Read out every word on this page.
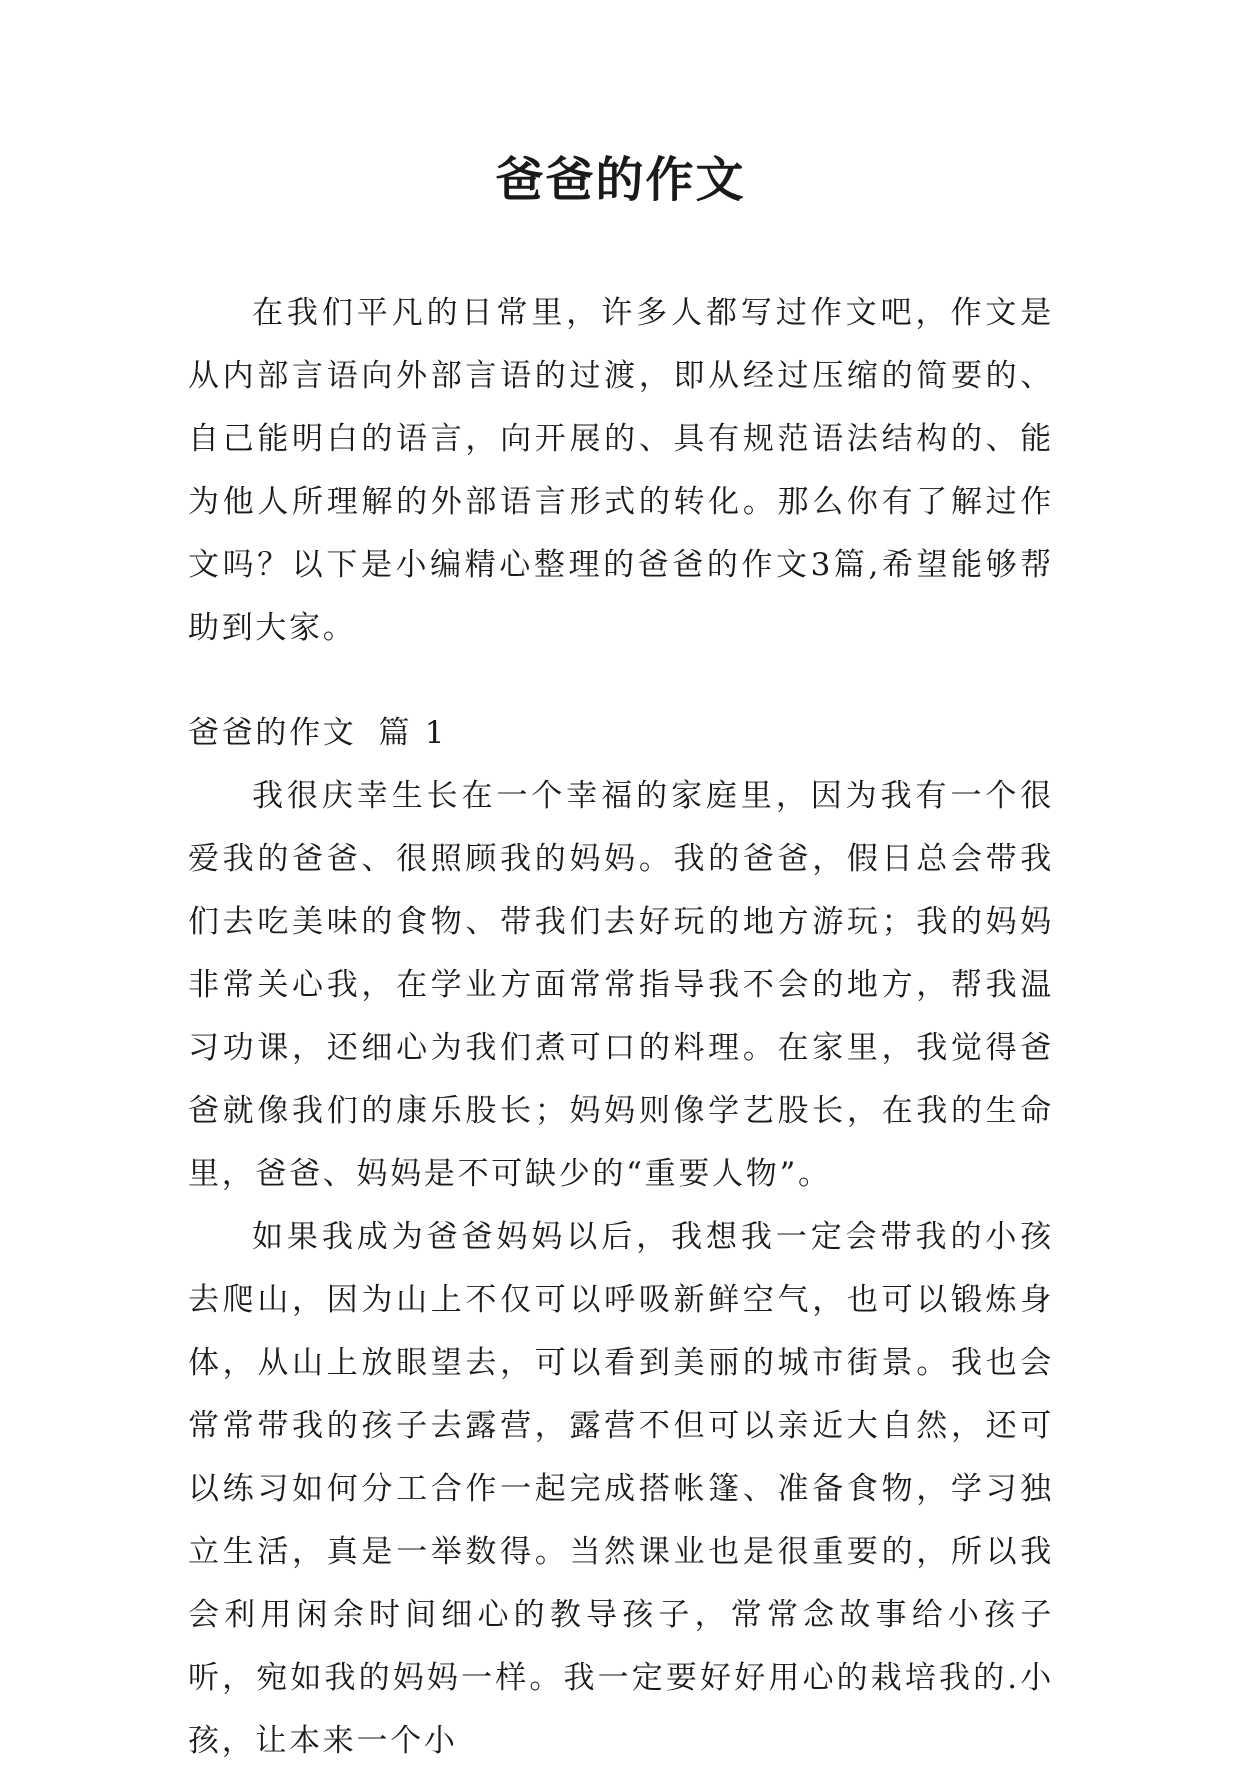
爸爸的作文

在我们平凡的日常里，许多人都写过作文吧，作文是从内部言语向外部言语的过渡，即从经过压缩的简要的、自己能明白的语言，向开展的、具有规范语法结构的、能为他人所理解的外部语言形式的转化。那么你有了解过作文吗？以下是小编精心整理的爸爸的作文3篇,希望能够帮助到大家。

爸爸的作文 篇 1

我很庆幸生长在一个幸福的家庭里，因为我有一个很爱我的爸爸、很照顾我的妈妈。我的爸爸，假日总会带我们去吃美味的食物、带我们去好玩的地方游玩；我的妈妈非常关心我，在学业方面常常指导我不会的地方，帮我温习功课，还细心为我们煮可口的料理。在家里，我觉得爸爸就像我们的康乐股长；妈妈则像学艺股长，在我的生命里，爸爸、妈妈是不可缺少的“重要人物”。

如果我成为爸爸妈妈以后，我想我一定会带我的小孩去爬山，因为山上不仅可以呼吸新鲜空气，也可以锻炼身体，从山上放眼望去，可以看到美丽的城市街景。我也会常常带我的孩子去露营，露营不但可以亲近大自然，还可以练习如何分工合作一起完成搭帐篷、准备食物，学习独立生活，真是一举数得。当然课业也是很重要的，所以我会利用闲余时间细心的教导孩子，常常念故事给小孩子听，宛如我的妈妈一样。我一定要好好用心的栽培我的.小孩，让本来一个小
